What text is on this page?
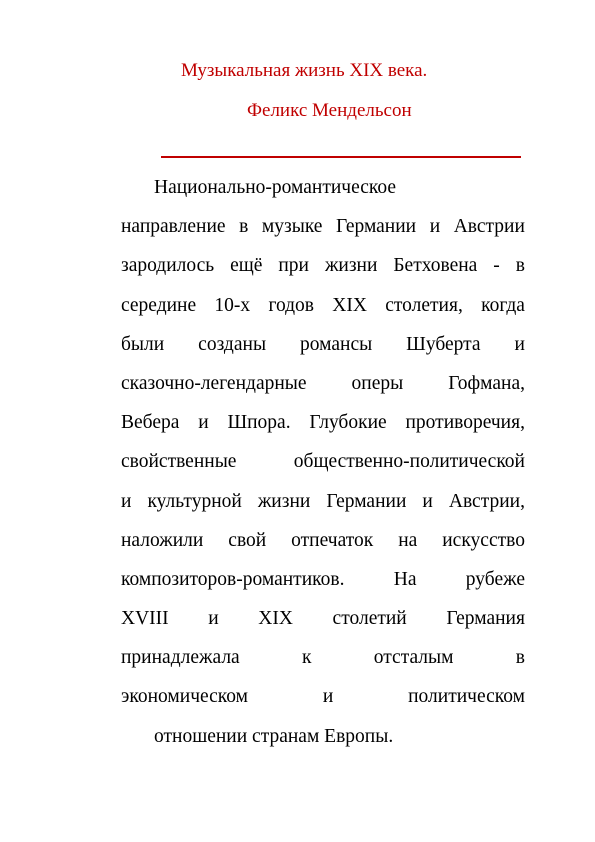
Музыкальная жизнь XIX века.
Феликс Мендельсон
Национально-романтическое
направление в музыке Германии и Австрии
зародилось ещё при жизни Бетховена - в
середине 10-х годов XIX столетия, когда
были созданы романсы Шуберта и
сказочно-легендарные оперы Гофмана,
Вебера и Шпора. Глубокие противоречия,
свойственные	общественно-политической
и культурной жизни Германии и Австрии,
наложили свой отпечаток на искусство
композиторов-романтиков.	На	рубеже
XVIII и XIX столетий Германия
принадлежала	к	отсталым	в
экономическом	и	политическом
отношении странам Европы.
